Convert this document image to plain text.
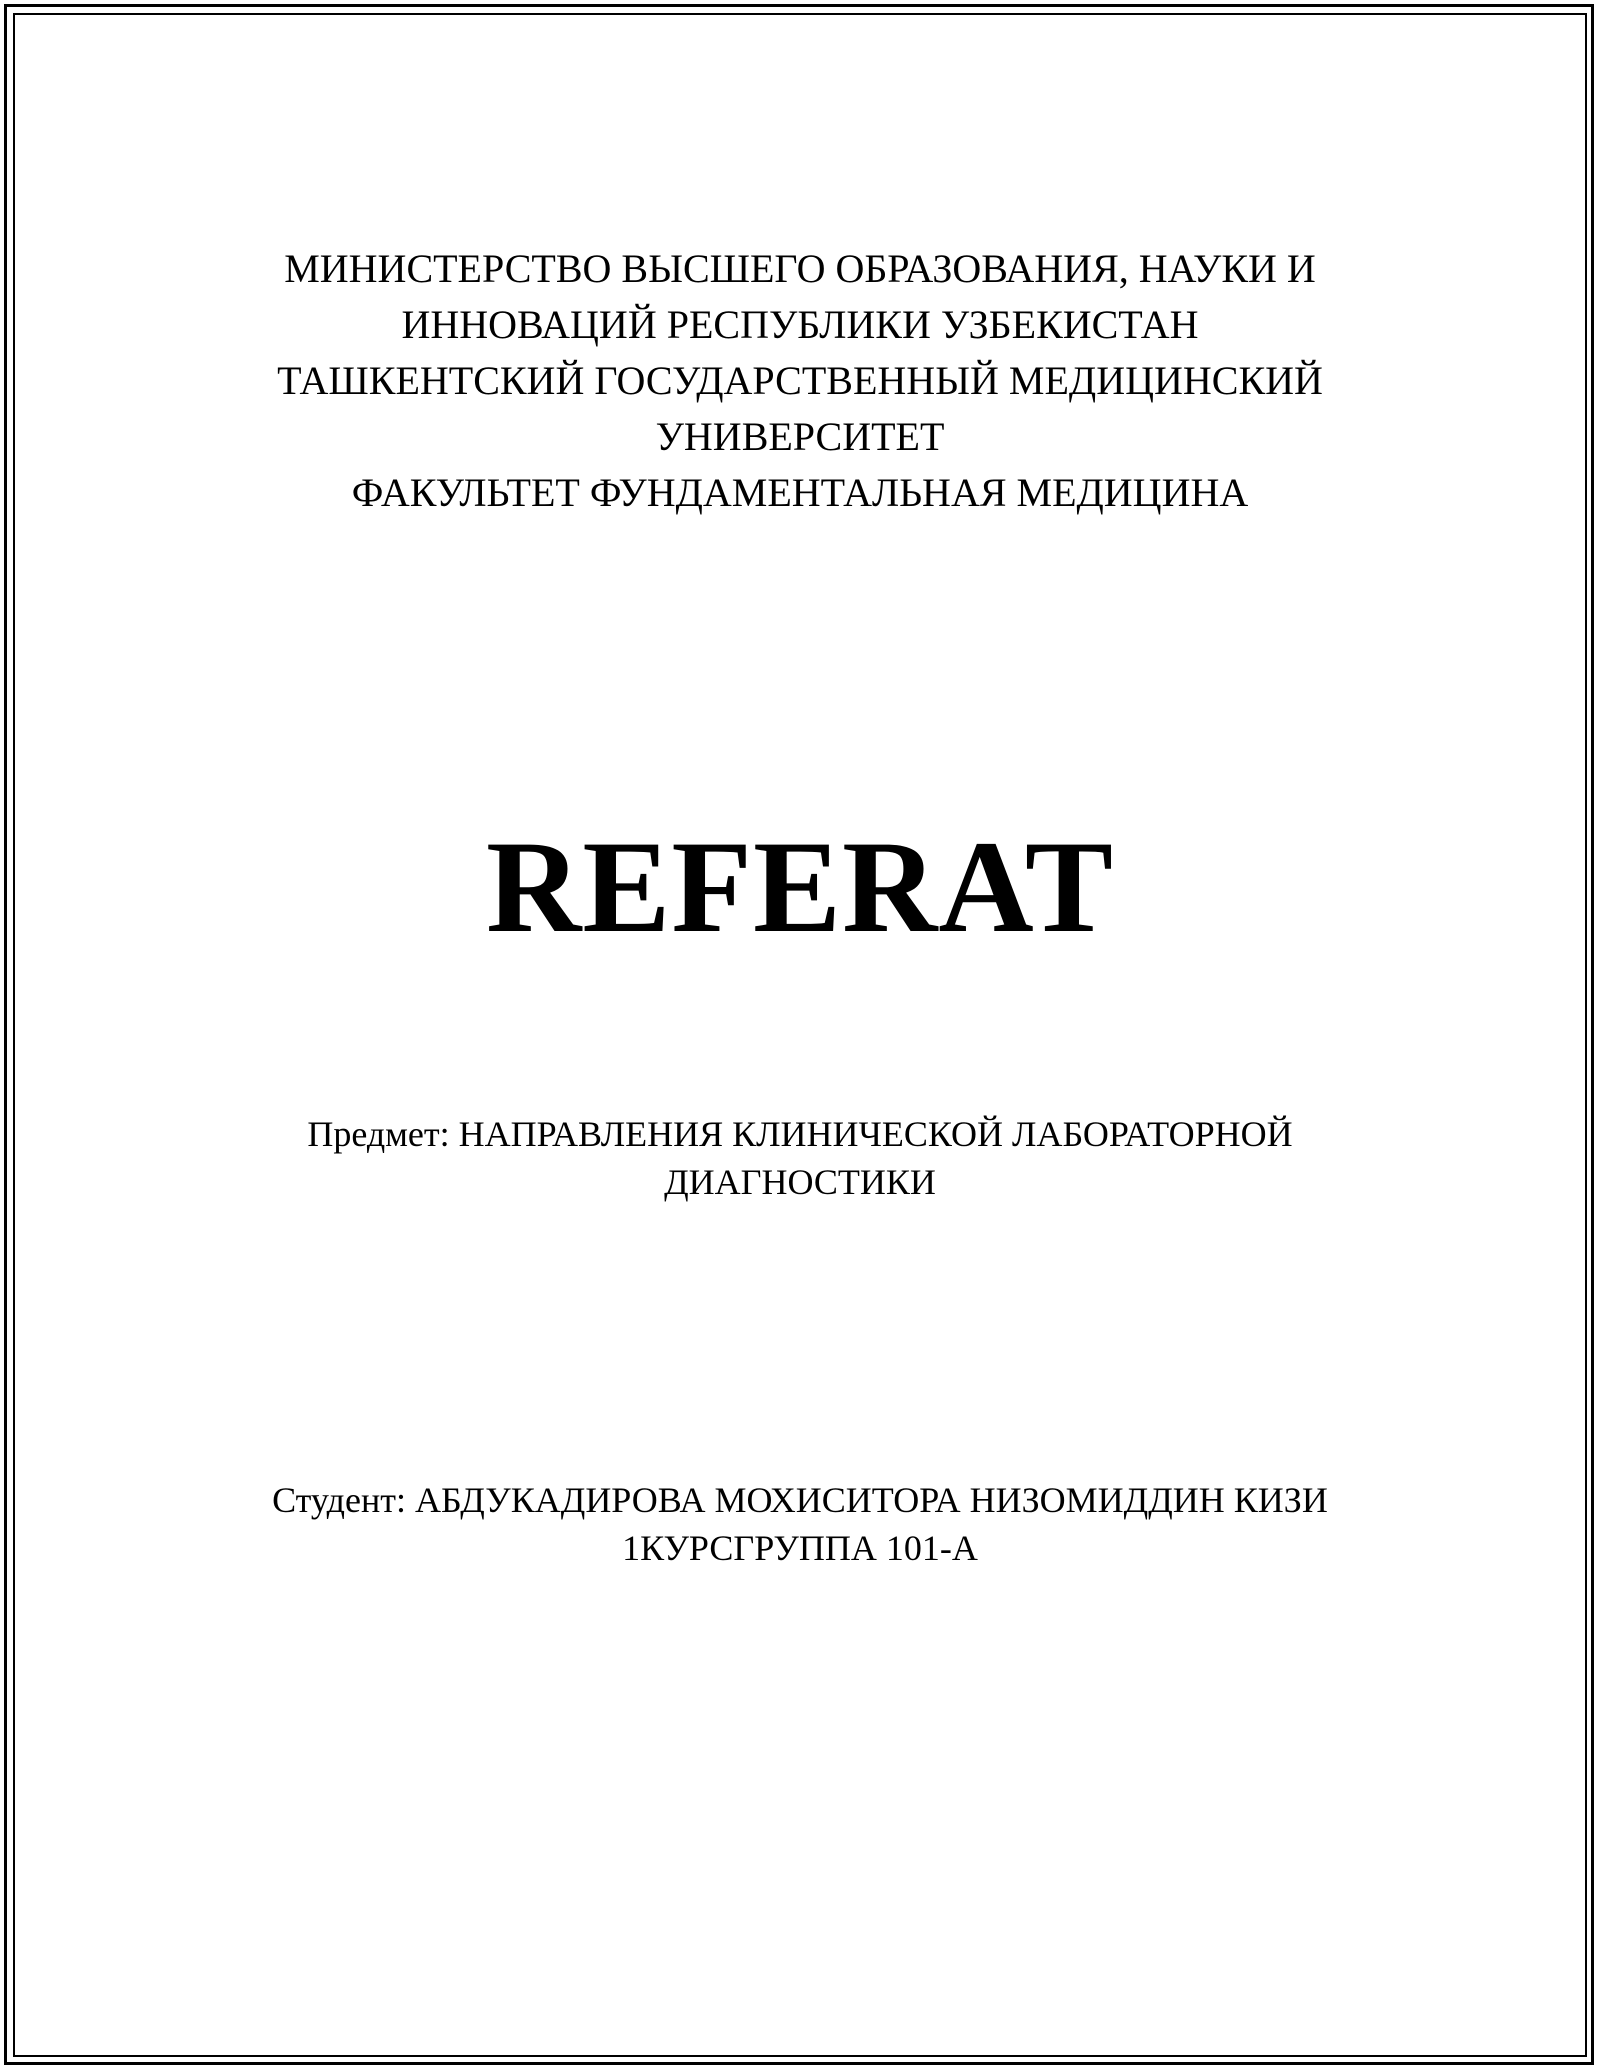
МИНИСТЕРСТВО ВЫСШЕГО ОБРАЗОВАНИЯ, НАУКИ И
ИННОВАЦИЙ РЕСПУБЛИКИ УЗБЕКИСТАН
ТАШКЕНТСКИЙ ГОСУДАРСТВЕННЫЙ МЕДИЦИНСКИЙ
УНИВЕРСИТЕТ
ФАКУЛЬТЕТ ФУНДАМЕНТАЛЬНАЯ МЕДИЦИНА
REFERAT
Предмет: НАПРАВЛЕНИЯ КЛИНИЧЕСКОЙ ЛАБОРАТОРНОЙ
ДИАГНОСТИКИ
Студент: АБДУКАДИРОВА МОХИСИТОРА НИЗОМИДДИН КИЗИ
1КУРСГРУППА 101-А
